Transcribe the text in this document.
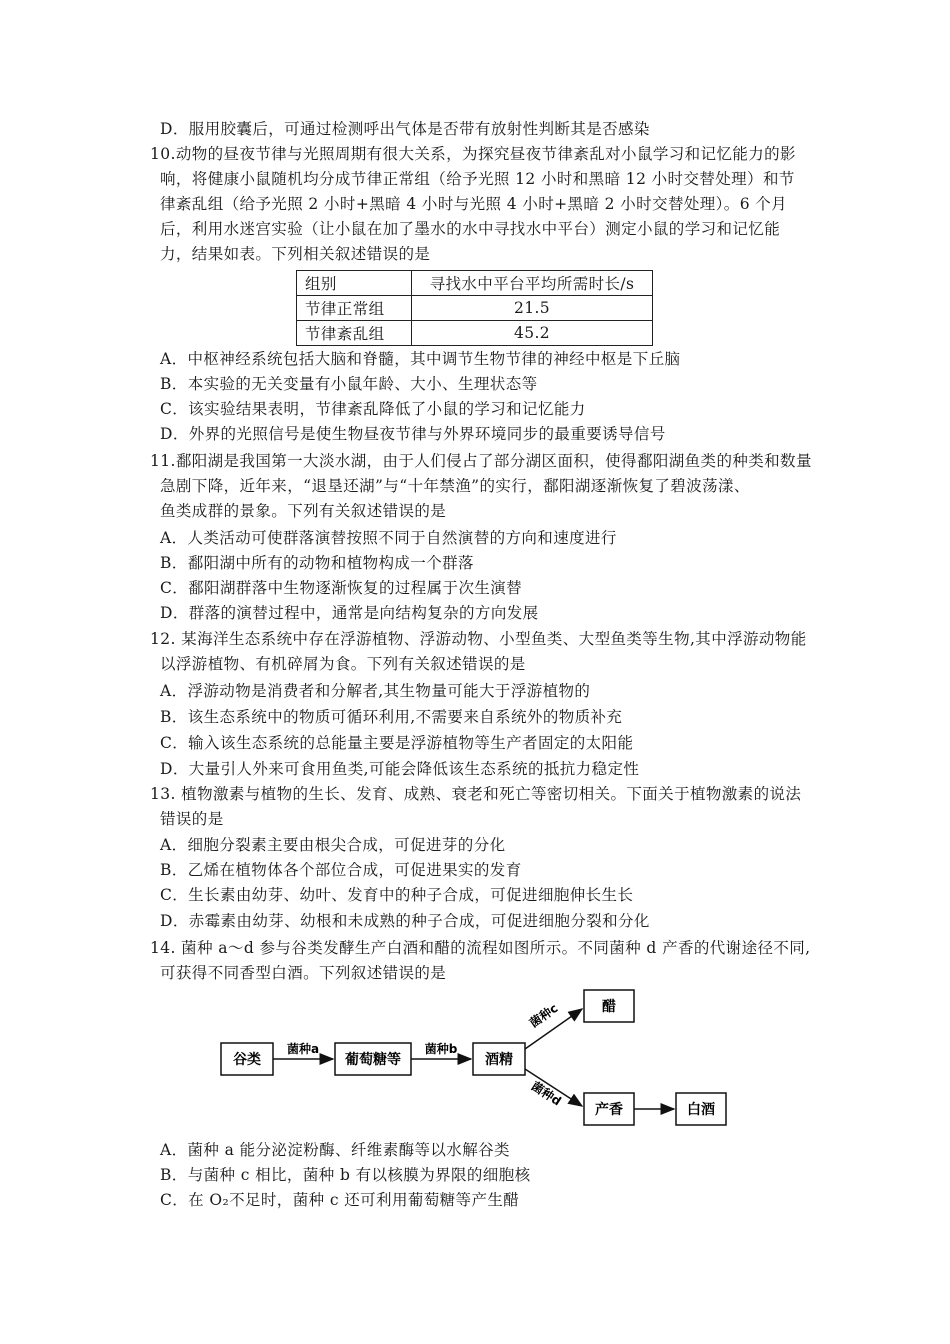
D．服用胶囊后，可通过检测呼出气体是否带有放射性判断其是否感染
10.动物的昼夜节律与光照周期有很大关系，为探究昼夜节律紊乱对小鼠学习和记忆能力的影
响，将健康小鼠随机均分成节律正常组（给予光照 12 小时和黑暗 12 小时交替处理）和节
律紊乱组（给予光照 2 小时+黑暗 4 小时与光照 4 小时+黑暗 2 小时交替处理）。6 个月
后，利用水迷宫实验（让小鼠在加了墨水的水中寻找水中平台）测定小鼠的学习和记忆能
力，结果如表。下列相关叙述错误的是
组别	寻找水中平台平均所需时长/s
节律正常组	21.5
节律紊乱组	45.2
A．中枢神经系统包括大脑和脊髓，其中调节生物节律的神经中枢是下丘脑
B．本实验的无关变量有小鼠年龄、大小、生理状态等
C．该实验结果表明，节律紊乱降低了小鼠的学习和记忆能力
D．外界的光照信号是使生物昼夜节律与外界环境同步的最重要诱导信号
11.鄱阳湖是我国第一大淡水湖，由于人们侵占了部分湖区面积，使得鄱阳湖鱼类的种类和数量
急剧下降，近年来，“退垦还湖”与“十年禁渔”的实行，鄱阳湖逐渐恢复了碧波荡漾、
鱼类成群的景象。下列有关叙述错误的是
A．人类活动可使群落演替按照不同于自然演替的方向和速度进行
B．鄱阳湖中所有的动物和植物构成一个群落
C．鄱阳湖群落中生物逐渐恢复的过程属于次生演替
D．群落的演替过程中，通常是向结构复杂的方向发展
12. 某海洋生态系统中存在浮游植物、浮游动物、小型鱼类、大型鱼类等生物,其中浮游动物能
以浮游植物、有机碎屑为食。下列有关叙述错误的是
A．浮游动物是消费者和分解者,其生物量可能大于浮游植物的
B．该生态系统中的物质可循环利用,不需要来自系统外的物质补充
C．输入该生态系统的总能量主要是浮游植物等生产者固定的太阳能
D．大量引人外来可食用鱼类,可能会降低该生态系统的抵抗力稳定性
13. 植物激素与植物的生长、发育、成熟、衰老和死亡等密切相关。下面关于植物激素的说法
错误的是
A．细胞分裂素主要由根尖合成，可促进芽的分化
B．乙烯在植物体各个部位合成，可促进果实的发育
C．生长素由幼芽、幼叶、发育中的种子合成，可促进细胞伸长生长
D．赤霉素由幼芽、幼根和未成熟的种子合成，可促进细胞分裂和分化
14. 菌种 a～d 参与谷类发酵生产白酒和醋的流程如图所示。不同菌种 d 产香的代谢途径不同,
可获得不同香型白酒。下列叙述错误的是
谷类	葡萄糖等	酒精
醋
产香	白酒
菌种a	菌种b
菌种c
菌种d
A．菌种 a 能分泌淀粉酶、纤维素酶等以水解谷类
B．与菌种 c 相比，菌种 b 有以核膜为界限的细胞核
C．在 O₂不足时，菌种 c 还可利用葡萄糖等产生醋
